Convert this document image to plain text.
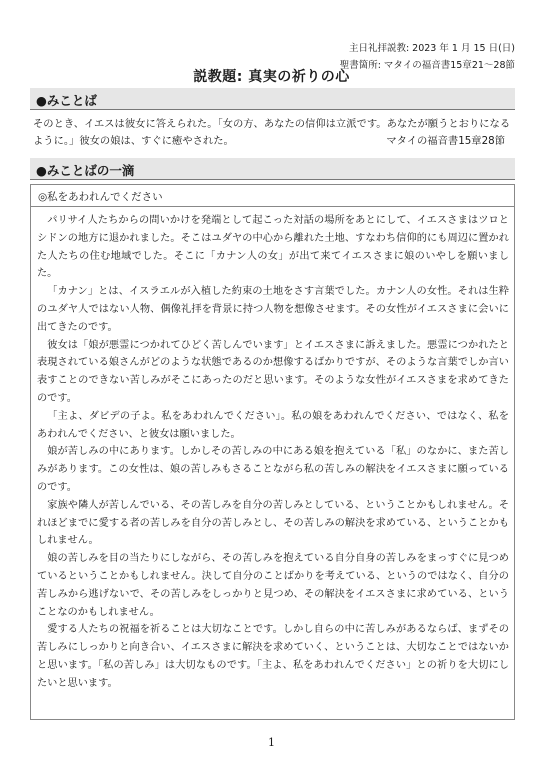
主日礼拝説教: 2023 年 1 月 15 日(日)
聖書箇所: マタイの福音書15章21～28節
説教題: 真実の祈りの心
●みことば
そのとき、イエスは彼女に答えられた。「女の方、あなたの信仰は立派です。あなたが願うとおりになるように。」彼女の娘は、すぐに癒やされた。	マタイの福音書15章28節
●みことばの一滴
◎私をあわれんでください

パリサイ人たちからの問いかけを発端として起こった対話の場所をあとにして、イエスさまはツロとシドンの地方に退かれました。そこはユダヤの中心から離れた土地、すなわち信仰的にも周辺に置かれた人たちの住む地域でした。そこに「カナン人の女」が出て来てイエスさまに娘のいやしを願いました。

「カナン」とは、イスラエルが入植した約束の土地をさす言葉でした。カナン人の女性。それは生粋のユダヤ人ではない人物、偶像礼拝を背景に持つ人物を想像させます。その女性がイエスさまに会いに出てきたのです。

彼女は「娘が悪霊につかれてひどく苦しんでいます」とイエスさまに訴えました。悪霊につかれたと表現されている娘さんがどのような状態であるのか想像するばかりですが、そのような言葉でしか言い表すことのできない苦しみがそこにあったのだと思います。そのような女性がイエスさまを求めてきたのです。

「主よ、ダビデの子よ。私をあわれんでください」。私の娘をあわれんでください、ではなく、私をあわれんでください、と彼女は願いました。

娘が苦しみの中にあります。しかしその苦しみの中にある娘を抱えている「私」のなかに、また苦しみがあります。この女性は、娘の苦しみもさることながら私の苦しみの解決をイエスさまに願っているのです。

家族や隣人が苦しんでいる、その苦しみを自分の苦しみとしている、ということかもしれません。それほどまでに愛する者の苦しみを自分の苦しみとし、その苦しみの解決を求めている、ということかもしれません。

娘の苦しみを目の当たりにしながら、その苦しみを抱えている自分自身の苦しみをまっすぐに見つめているということかもしれません。決して自分のことばかりを考えている、というのではなく、自分の苦しみから逃げないで、その苦しみをしっかりと見つめ、その解決をイエスさまに求めている、ということなのかもしれません。

愛する人たちの祝福を祈ることは大切なことです。しかし自らの中に苦しみがあるならば、まずその苦しみにしっかりと向き合い、イエスさまに解決を求めていく、ということは、大切なことではないかと思います。「私の苦しみ」は大切なものです。「主よ、私をあわれんでください」との祈りを大切にしたいと思います。

1
